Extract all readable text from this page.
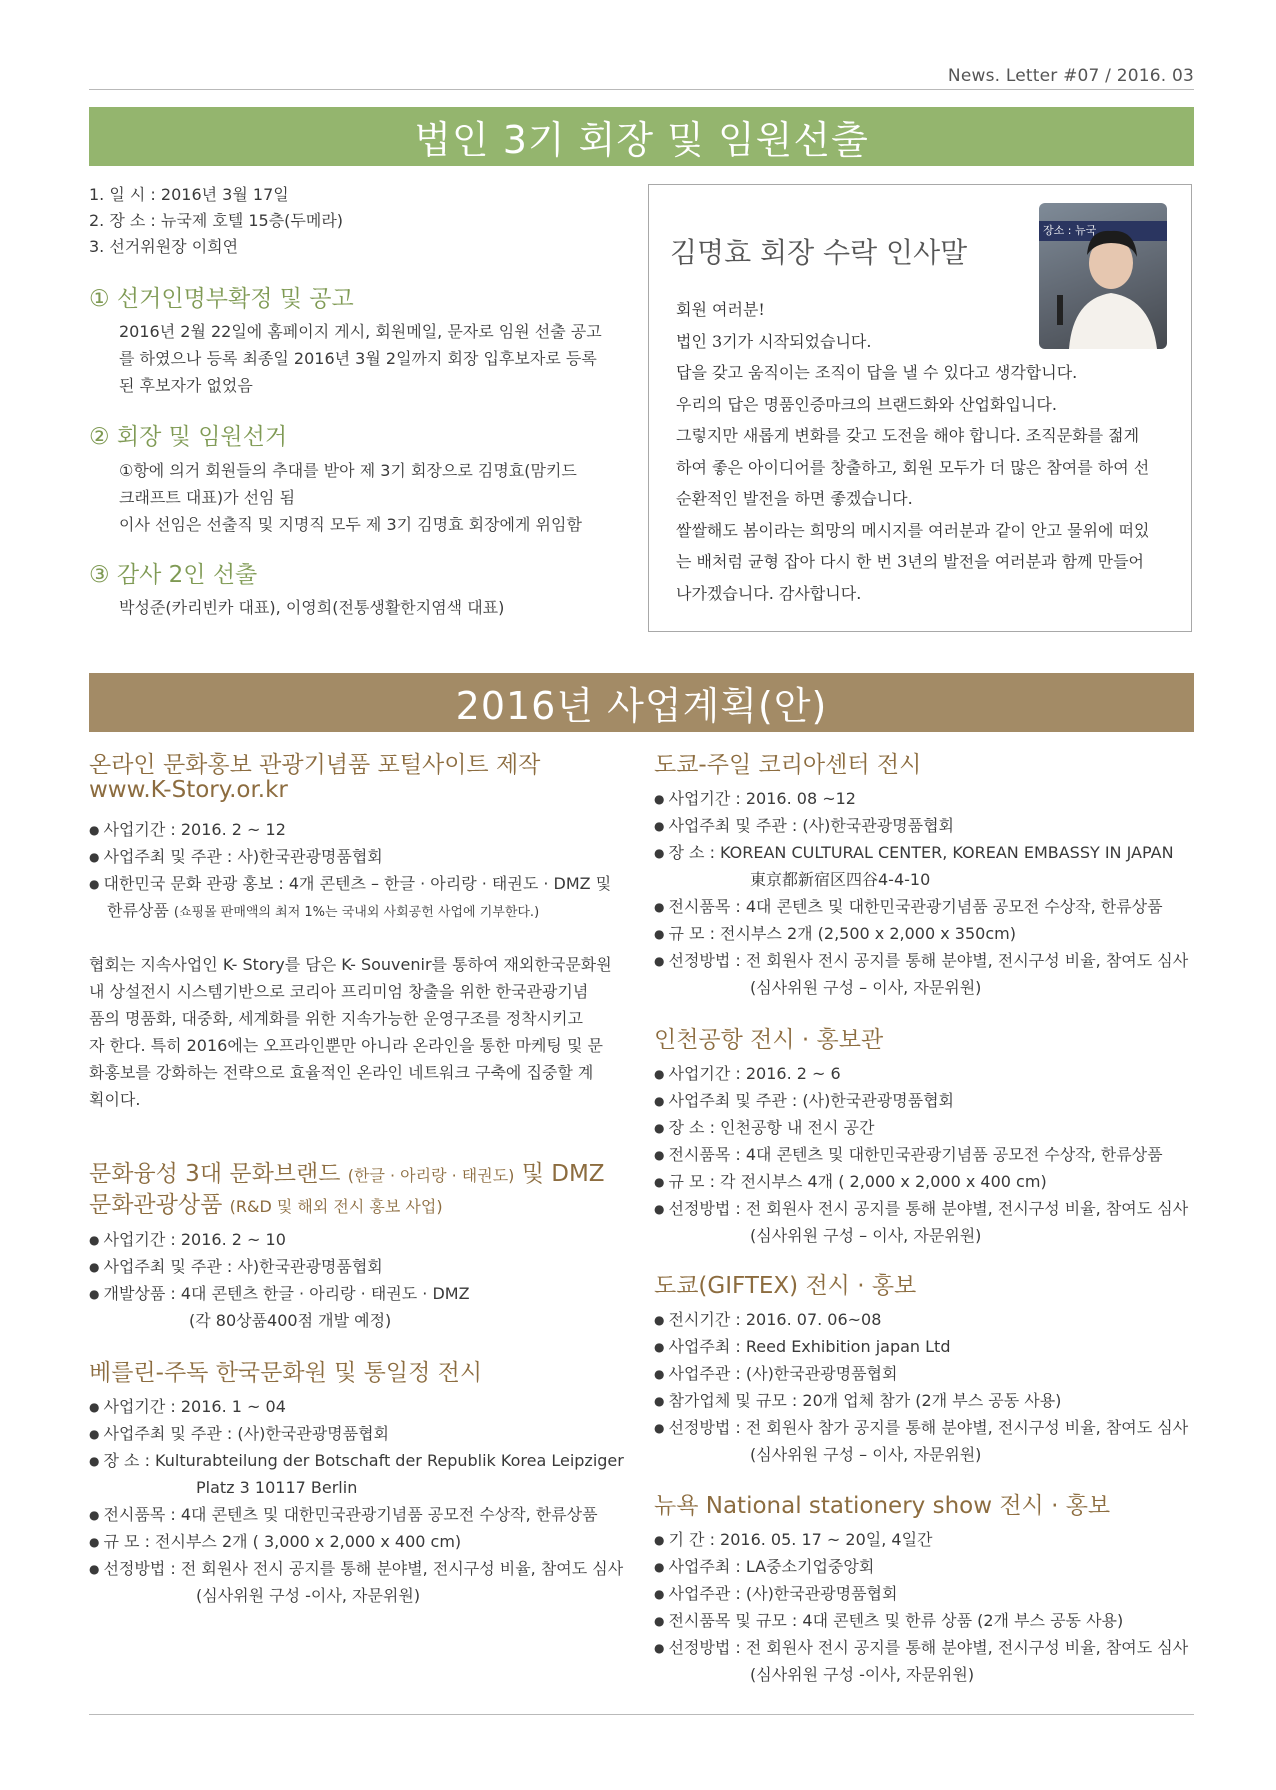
News. Letter #07 / 2016. 03
법인 3기 회장 및 임원선출
1. 일 시 : 2016년 3월 17일
2. 장 소 : 뉴국제 호텔 15층(두메라)
3. 선거위원장 이희연
① 선거인명부확정 및 공고
2016년 2월 22일에 홈페이지 게시, 회원메일, 문자로 임원 선출 공고
를 하였으나 등록 최종일 2016년 3월 2일까지 회장 입후보자로 등록
된 후보자가 없었음
② 회장 및 임원선거
①항에 의거 회원들의 추대를 받아 제 3기 회장으로 김명효(맘키드
크래프트 대표)가 선임 됨
이사 선임은 선출직 및 지명직 모두 제 3기 김명효 회장에게 위임함
③ 감사 2인 선출
박성준(카리빈카 대표), 이영희(전통생활한지염색 대표)
김명효 회장 수락 인사말
장소 : 뉴국
회원 여러분!
법인 3기가 시작되었습니다.
답을 갖고 움직이는 조직이 답을 낼 수 있다고 생각합니다.
우리의 답은 명품인증마크의 브랜드화와 산업화입니다.
그렇지만 새롭게 변화를 갖고 도전을 해야 합니다. 조직문화를 젊게
하여 좋은 아이디어를 창출하고, 회원 모두가 더 많은 참여를 하여 선
순환적인 발전을 하면 좋겠습니다.
쌀쌀해도 봄이라는 희망의 메시지를 여러분과 같이 안고 물위에 떠있
는 배처럼 균형 잡아 다시 한 번 3년의 발전을 여러분과 함께 만들어
나가겠습니다. 감사합니다.
2016년 사업계획(안)
온라인 문화홍보 관광기념품 포털사이트 제작
www.K-Story.or.kr
● 사업기간 : 2016. 2 ~ 12
● 사업주최 및 주관 : 사)한국관광명품협회
● 대한민국 문화 관광 홍보 : 4개 콘텐츠 – 한글 · 아리랑 · 태권도 · DMZ 및
한류상품 (쇼핑몰 판매액의 최저 1%는 국내외 사회공헌 사업에 기부한다.)
협회는 지속사업인 K- Story를 담은 K- Souvenir를 통하여 재외한국문화원
내 상설전시 시스템기반으로 코리아 프리미엄 창출을 위한 한국관광기념
품의 명품화, 대중화, 세계화를 위한 지속가능한 운영구조를 정착시키고
자 한다. 특히 2016에는 오프라인뿐만 아니라 온라인을 통한 마케팅 및 문
화홍보를 강화하는 전략으로 효율적인 온라인 네트워크 구축에 집중할 계
획이다.
문화융성 3대 문화브랜드 (한글 · 아리랑 · 태권도) 및 DMZ
문화관광상품 (R&D 및 해외 전시 홍보 사업)
● 사업기간 : 2016. 2 ~ 10
● 사업주최 및 주관 : 사)한국관광명품협회
● 개발상품 : 4대 콘텐츠 한글 · 아리랑 · 태권도 · DMZ
(각 80상품400점 개발 예정)
베를린-주독 한국문화원 및 통일정 전시
● 사업기간 : 2016. 1 ~ 04
● 사업주최 및 주관 : (사)한국관광명품협회
● 장 소 : Kulturabteilung der Botschaft der Republik Korea Leipziger
Platz 3 10117 Berlin
● 전시품목 : 4대 콘텐츠 및 대한민국관광기념품 공모전 수상작, 한류상품
● 규 모 : 전시부스 2개 ( 3,000 x 2,000 x 400 cm)
● 선정방법 : 전 회원사 전시 공지를 통해 분야별, 전시구성 비율, 참여도 심사
(심사위원 구성 -이사, 자문위원)
도쿄-주일 코리아센터 전시
● 사업기간 : 2016. 08 ~12
● 사업주최 및 주관 : (사)한국관광명품협회
● 장 소 : KOREAN CULTURAL CENTER, KOREAN EMBASSY IN JAPAN
東京都新宿区四谷4-4-10
● 전시품목 : 4대 콘텐츠 및 대한민국관광기념품 공모전 수상작, 한류상품
● 규 모 : 전시부스 2개 (2,500 x 2,000 x 350cm)
● 선정방법 : 전 회원사 전시 공지를 통해 분야별, 전시구성 비율, 참여도 심사
(심사위원 구성 – 이사, 자문위원)
인천공항 전시 · 홍보관
● 사업기간 : 2016. 2 ~ 6
● 사업주최 및 주관 : (사)한국관광명품협회
● 장 소 : 인천공항 내 전시 공간
● 전시품목 : 4대 콘텐츠 및 대한민국관광기념품 공모전 수상작, 한류상품
● 규 모 : 각 전시부스 4개 ( 2,000 x 2,000 x 400 cm)
● 선정방법 : 전 회원사 전시 공지를 통해 분야별, 전시구성 비율, 참여도 심사
(심사위원 구성 – 이사, 자문위원)
도쿄(GIFTEX) 전시 · 홍보
● 전시기간 : 2016. 07. 06~08
● 사업주최 : Reed Exhibition japan Ltd
● 사업주관 : (사)한국관광명품협회
● 참가업체 및 규모 : 20개 업체 참가 (2개 부스 공동 사용)
● 선정방법 : 전 회원사 참가 공지를 통해 분야별, 전시구성 비율, 참여도 심사
(심사위원 구성 – 이사, 자문위원)
뉴욕 National stationery show 전시 · 홍보
● 기 간 : 2016. 05. 17 ~ 20일, 4일간
● 사업주최 : LA중소기업중앙회
● 사업주관 : (사)한국관광명품협회
● 전시품목 및 규모 : 4대 콘텐츠 및 한류 상품 (2개 부스 공동 사용)
● 선정방법 : 전 회원사 전시 공지를 통해 분야별, 전시구성 비율, 참여도 심사
(심사위원 구성 -이사, 자문위원)
